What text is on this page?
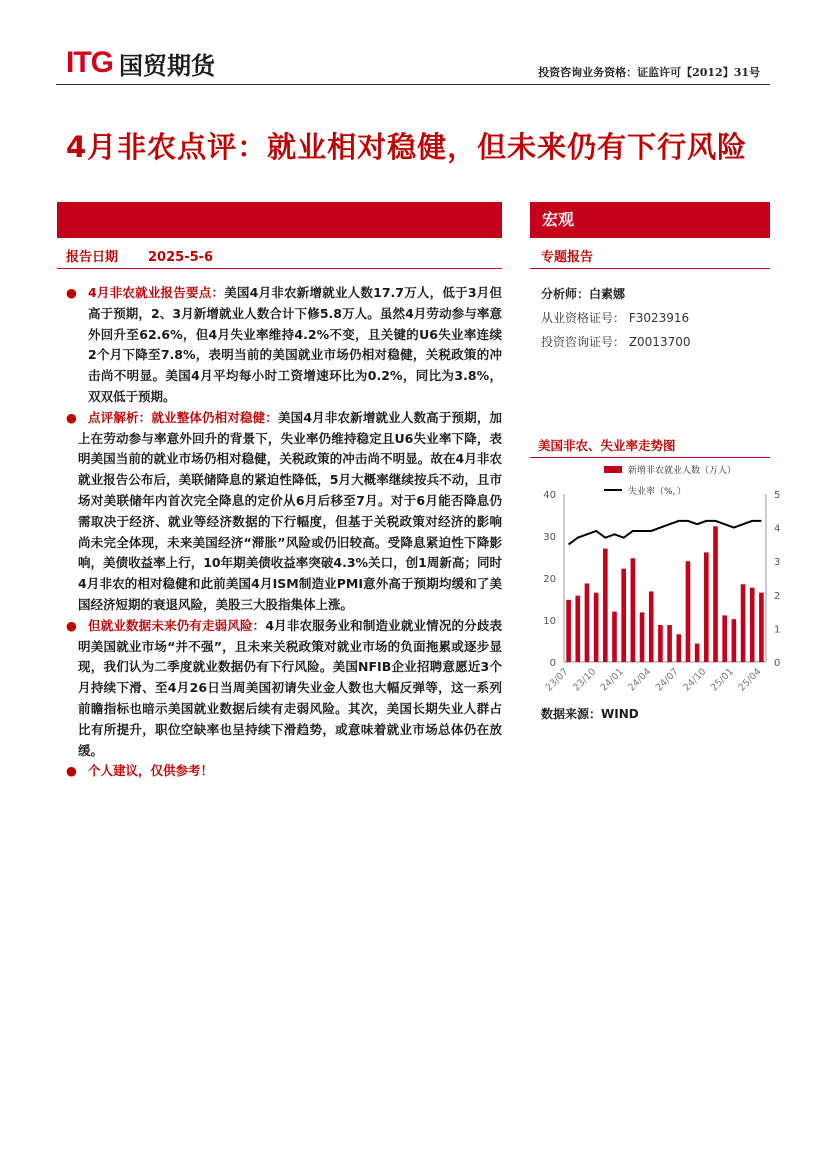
ITG 国贸期货	投资咨询业务资格：证监许可【2012】31号
4月非农点评：就业相对稳健，但未来仍有下行风险
宏观
报告日期 2025-5-6	专题报告
分析师：白素娜
从业资格证号： F3023916
投资咨询证号： Z0013700

● 4月非农就业报告要点：美国4月非农新增就业人数17.7万人，低于3月但高于预期，2、3月新增就业人数合计下修5.8万人。虽然4月劳动参与率意外回升至62.6%，但4月失业率维持4.2%不变，且关键的U6失业率连续2个月下降至7.8%，表明当前的美国就业市场仍相对稳健，关税政策的冲击尚不明显。美国4月平均每小时工资增速环比为0.2%，同比为3.8%，双双低于预期。

● 点评解析：就业整体仍相对稳健：美国4月非农新增就业人数高于预期，加上在劳动参与率意外回升的背景下，失业率仍维持稳定且U6失业率下降，表明美国当前的就业市场仍相对稳健，关税政策的冲击尚不明显。故在4月非农就业报告公布后，美联储降息的紧迫性降低，5月大概率继续按兵不动，且市场对美联储年内首次完全降息的定价从6月后移至7月。对于6月能否降息仍需取决于经济、就业等经济数据的下行幅度，但基于关税政策对经济的影响尚未完全体现，未来美国经济“滞胀”风险或仍旧较高。受降息紧迫性下降影响，美债收益率上行，10年期美债收益率突破4.3%关口，创1周新高；同时4月非农的相对稳健和此前美国4月ISM制造业PMI意外高于预期均缓和了美国经济短期的衰退风险，美股三大股指集体上涨。

● 但就业数据未来仍有走弱风险：4月非农服务业和制造业就业情况的分歧表明美国就业市场“并不强”，且未来关税政策对就业市场的负面拖累或逐步显现，我们认为二季度就业数据仍有下行风险。美国NFIB企业招聘意愿近3个月持续下滑、至4月26日当周美国初请失业金人数也大幅反弹等，这一系列前瞻指标也暗示美国就业数据后续有走弱风险。其次，美国长期失业人群占比有所提升，职位空缺率也呈持续下滑趋势，或意味着就业市场总体仍在放缓。

● 个人建议，仅供参考！

美国非农、失业率走势图
0
10
20
30
40
0
1
2
3
4
5
23/07 23/10 24/01 24/04 24/07 24/10 25/01 25/04
新增非农就业人数（万人）
失业率（%，）
数据来源：WIND
